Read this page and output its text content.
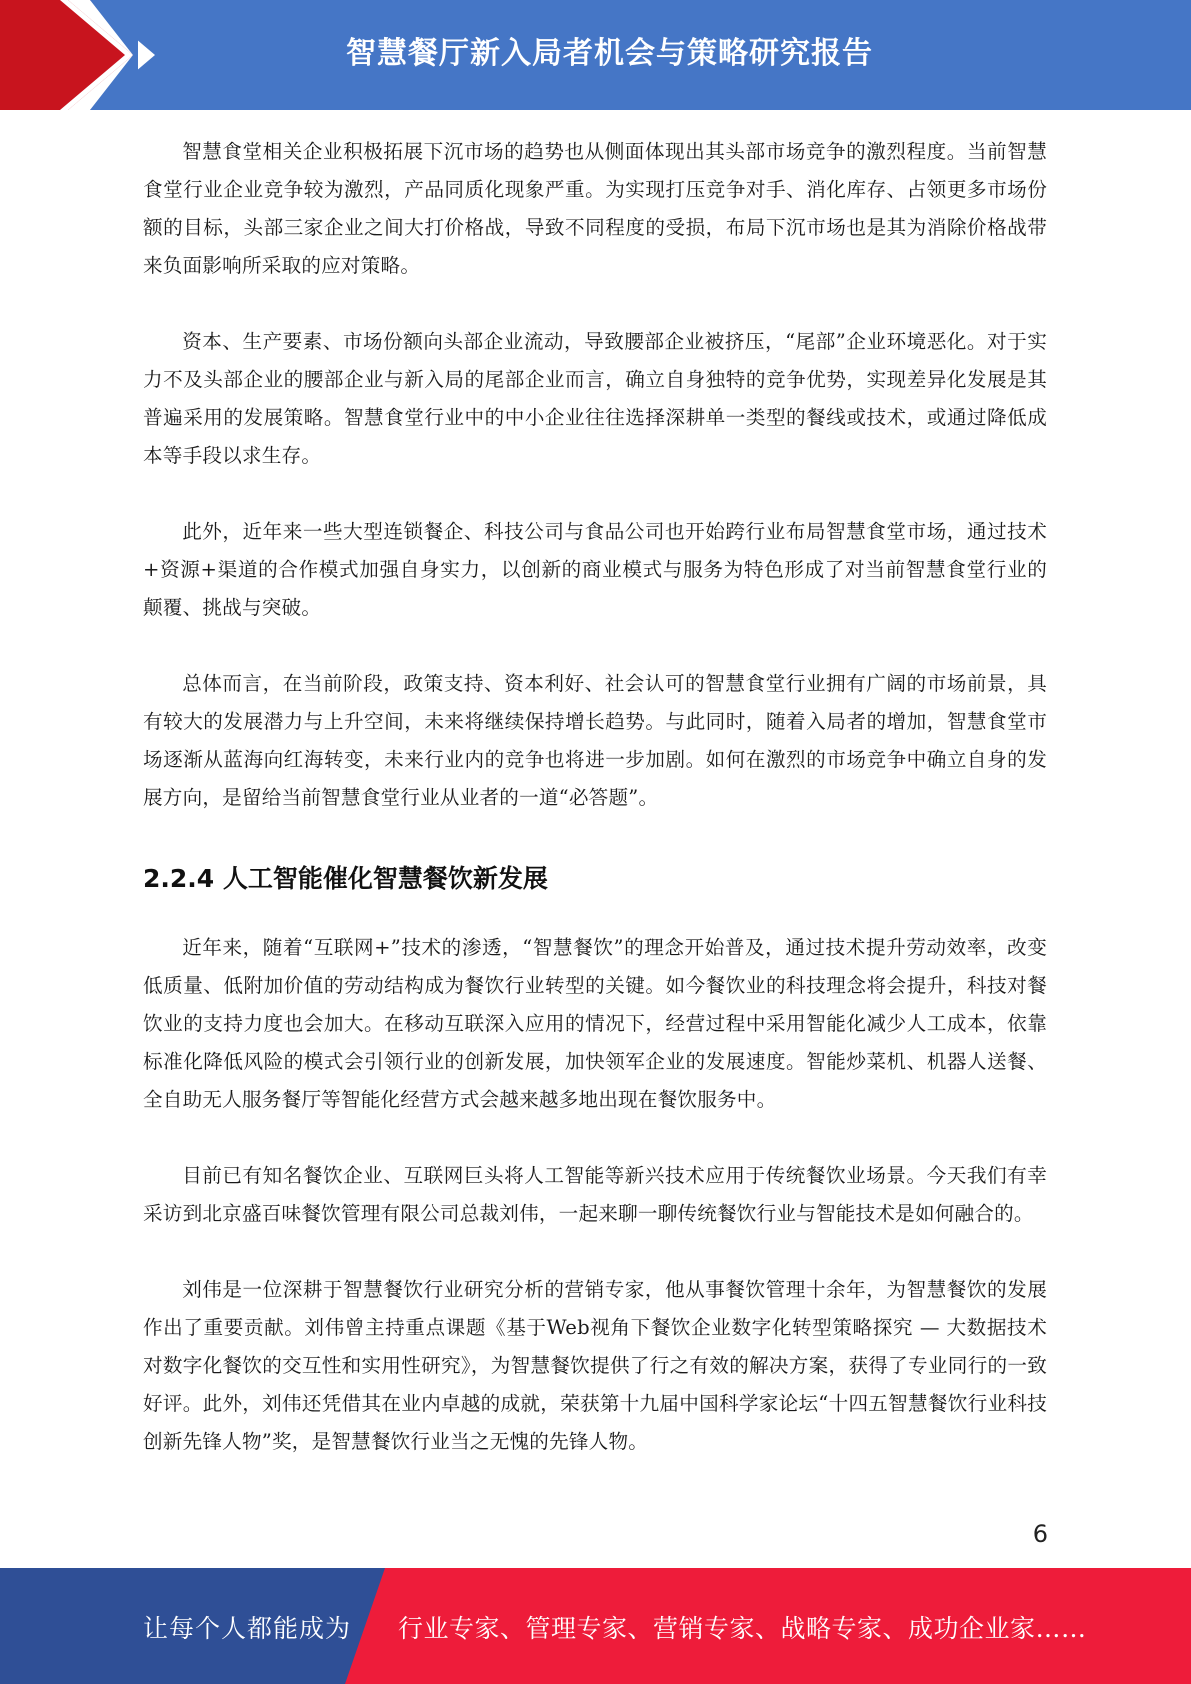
智慧餐厅新入局者机会与策略研究报告

智慧食堂相关企业积极拓展下沉市场的趋势也从侧面体现出其头部市场竞争的激烈程度。当前智慧食堂行业企业竞争较为激烈，产品同质化现象严重。为实现打压竞争对手、消化库存、占领更多市场份额的目标，头部三家企业之间大打价格战，导致不同程度的受损，布局下沉市场也是其为消除价格战带来负面影响所采取的应对策略。

资本、生产要素、市场份额向头部企业流动，导致腰部企业被挤压，“尾部”企业环境恶化。对于实力不及头部企业的腰部企业与新入局的尾部企业而言，确立自身独特的竞争优势，实现差异化发展是其普遍采用的发展策略。智慧食堂行业中的中小企业往往选择深耕单一类型的餐线或技术，或通过降低成本等手段以求生存。

此外，近年来一些大型连锁餐企、科技公司与食品公司也开始跨行业布局智慧食堂市场，通过技术+资源+渠道的合作模式加强自身实力，以创新的商业模式与服务为特色形成了对当前智慧食堂行业的颠覆、挑战与突破。

总体而言，在当前阶段，政策支持、资本利好、社会认可的智慧食堂行业拥有广阔的市场前景，具有较大的发展潜力与上升空间，未来将继续保持增长趋势。与此同时，随着入局者的增加，智慧食堂市场逐渐从蓝海向红海转变，未来行业内的竞争也将进一步加剧。如何在激烈的市场竞争中确立自身的发展方向，是留给当前智慧食堂行业从业者的一道“必答题”。

2.2.4 人工智能催化智慧餐饮新发展

近年来，随着“互联网+”技术的渗透，“智慧餐饮”的理念开始普及，通过技术提升劳动效率，改变低质量、低附加价值的劳动结构成为餐饮行业转型的关键。如今餐饮业的科技理念将会提升，科技对餐饮业的支持力度也会加大。在移动互联深入应用的情况下，经营过程中采用智能化减少人工成本，依靠标准化降低风险的模式会引领行业的创新发展，加快领军企业的发展速度。智能炒菜机、机器人送餐、全自助无人服务餐厅等智能化经营方式会越来越多地出现在餐饮服务中。

目前已有知名餐饮企业、互联网巨头将人工智能等新兴技术应用于传统餐饮业场景。今天我们有幸采访到北京盛百味餐饮管理有限公司总裁刘伟，一起来聊一聊传统餐饮行业与智能技术是如何融合的。

刘伟是一位深耕于智慧餐饮行业研究分析的营销专家，他从事餐饮管理十余年，为智慧餐饮的发展作出了重要贡献。刘伟曾主持重点课题《基于Web视角下餐饮企业数字化转型策略探究 — 大数据技术对数字化餐饮的交互性和实用性研究》，为智慧餐饮提供了行之有效的解决方案，获得了专业同行的一致好评。此外，刘伟还凭借其在业内卓越的成就，荣获第十九届中国科学家论坛“十四五智慧餐饮行业科技创新先锋人物”奖，是智慧餐饮行业当之无愧的先锋人物。

6
让每个人都能成为 行业专家、管理专家、营销专家、战略专家、成功企业家……
